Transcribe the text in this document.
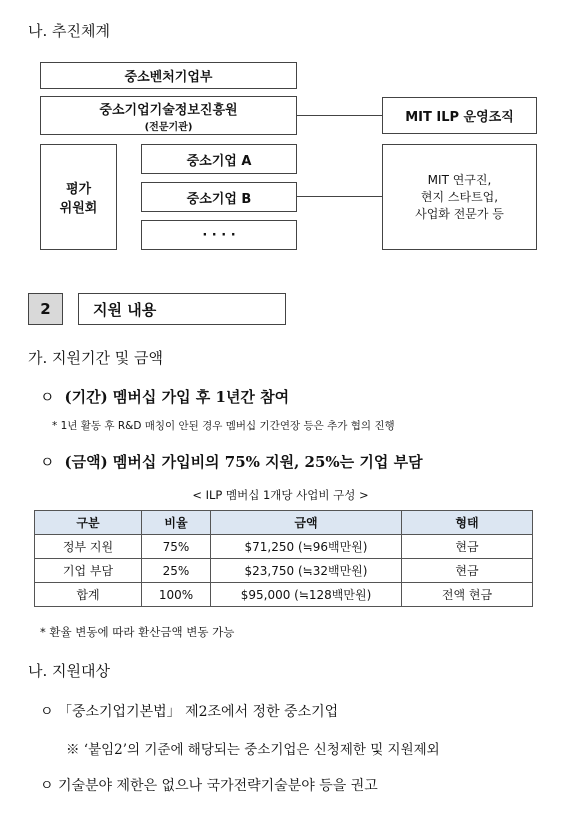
나. 추진체계
중소벤처기업부
중소기업기술정보진흥원
(전문기관)
MIT ILP 운영조직
평가
위원회
중소기업 A
중소기업 B
· · · ·
MIT 연구진,
현지 스타트업,
사업화 전문가 등
2	지원 내용
가. 지원기간 및 금액
ㅇ (기간) 멤버십 가입 후 1년간 참여
* 1년 활동 후 R&D 매칭이 안된 경우 멤버십 기간연장 등은 추가 협의 진행
ㅇ (금액) 멤버십 가입비의 75% 지원, 25%는 기업 부담
< ILP 멤버십 1개당 사업비 구성 >
구분	비율	금액	형태
정부 지원	75%	$71,250 (≒96백만원)	현금
기업 부담	25%	$23,750 (≒32백만원)	현금
합계	100%	$95,000 (≒128백만원)	전액 현금
* 환율 변동에 따라 환산금액 변동 가능
나. 지원대상
ㅇ 「중소기업기본법」 제2조에서 정한 중소기업
※ ‘붙임2’의 기준에 해당되는 중소기업은 신청제한 및 지원제외
ㅇ 기술분야 제한은 없으나 국가전략기술분야 등을 권고
